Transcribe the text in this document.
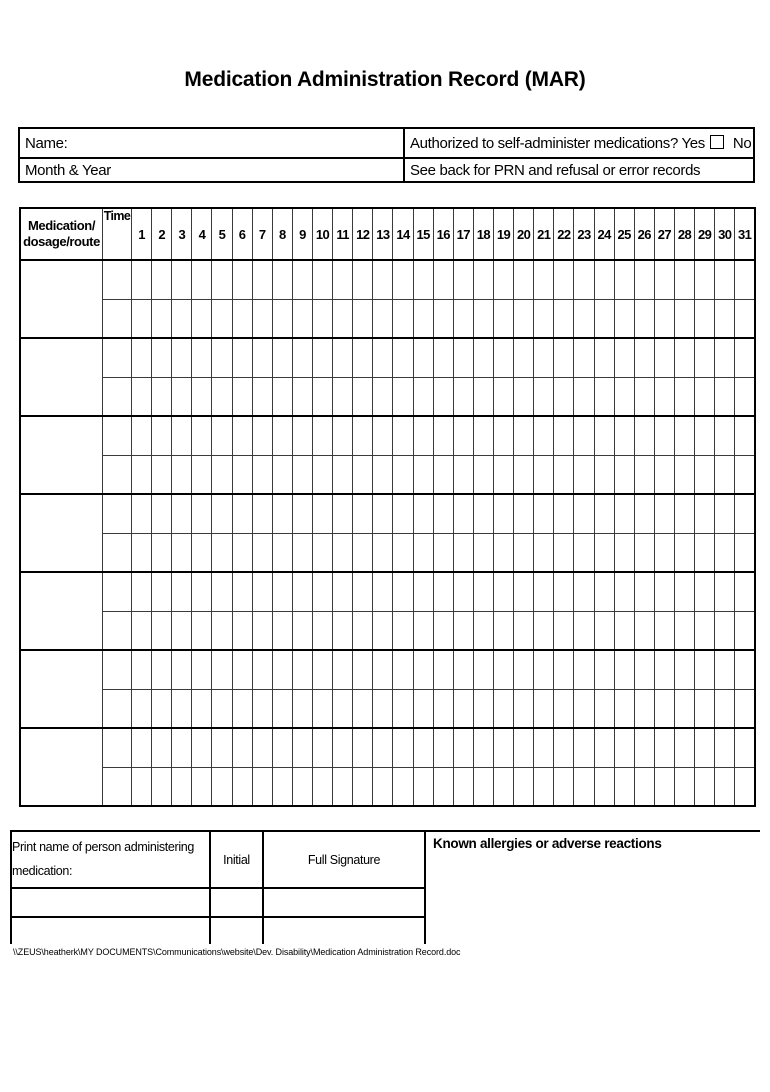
Medication Administration Record (MAR)
Name:	Authorized to self-administer medications? Yes No
Month & Year	See back for PRN and refusal or error records
Medication/
dosage/route	Time	1	2	3	4	5	6	7	8	9	10	11	12	13	14	15	16	17	18	19	20	21	22	23	24	25	26	27	28	29	30	31

Print name of person administering
medication:	Initial	Full Signature

Known allergies or adverse reactions
\\ZEUS\heatherk\MY DOCUMENTS\Communications\website\Dev. Disability\Medication Administration Record.doc
